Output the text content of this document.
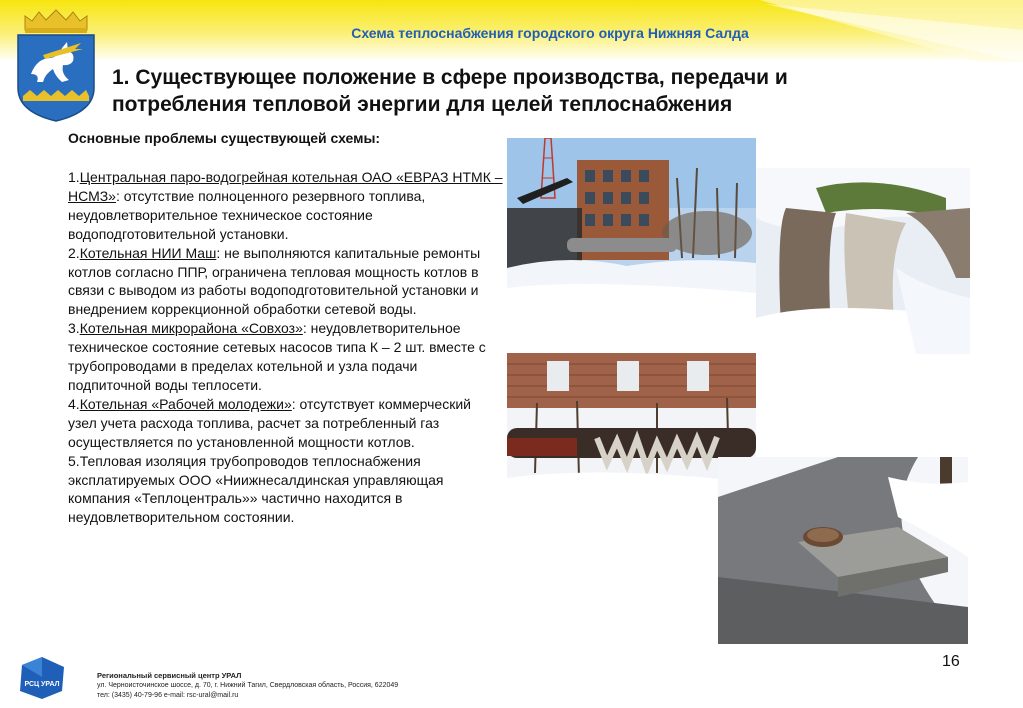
Схема теплоснабжения городского округа Нижняя Салда
1. Существующее положение в сфере производства, передачи и
потребления тепловой энергии для целей теплоснабжения
Основные проблемы существующей схемы:

1.Центральная паро-водогрейная котельная ОАО «ЕВРАЗ НТМК – НСМЗ»: отсутствие полноценного резервного топлива, неудовлетворительное техническое состояние водоподготовительной установки.

2.Котельная НИИ Маш: не выполняются капитальные ремонты котлов согласно ППР, ограничена тепловая мощность котлов в связи с выводом из работы водоподготовительной установки и внедрением коррекционной обработки сетевой воды.

3.Котельная микрорайона «Совхоз»: неудовлетворительное техническое состояние сетевых насосов типа К – 2 шт. вместе с трубопроводами в пределах котельной и узла подачи подпиточной воды теплосети.

4.Котельная «Рабочей молодежи»: отсутствует коммерческий узел учета расхода топлива, расчет за потребленный газ осуществляется по установленной мощности котлов.

5.Тепловая изоляция трубопроводов теплоснабжения эксплатируемых ООО «Ниижнесалдинская управляющая компания «Теплоцентраль»» частично находится в неудовлетворительном состоянии.

16
РСЦ УРАЛ
Региональный сервисный центр УРАЛ
ул. Черноисточинское шоссе, д. 70, г. Нижний Тагил, Свердловская область, Россия, 622049
тел: (3435) 40-79-96 e-mail: rsc-ural@mail.ru
